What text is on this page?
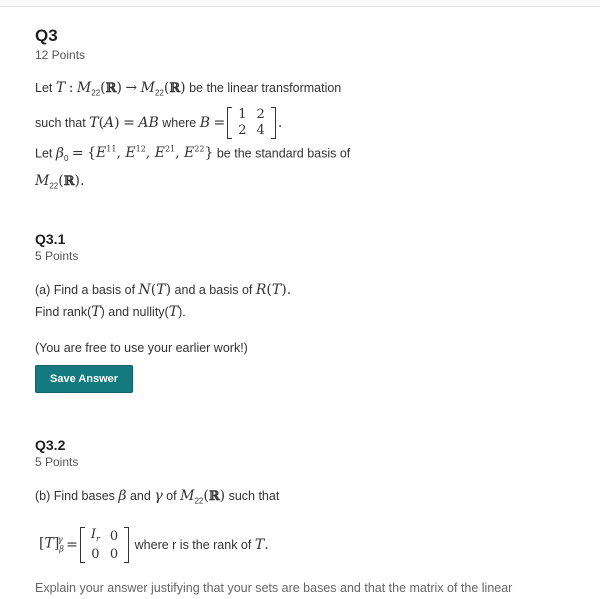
Q3
12 Points
Let T : $M_{22}(ℝ)$ → $M_{22}(ℝ)$ be the linear transformation
such that
T ( A )
=
AB
where
B
=
1	2
2	4 .
Let $\beta_0 = \{E^{11}$, $E^{12}$, $E^{21}$, $E^{22}$} be the standard basis of
$M_{22}(ℝ)$.
Q3.1
5 Points
(a) Find a basis of N(T) and a basis of R(T).
Find rank(T) and nullity(T).
(You are free to use your earlier work!)
Save Answer
Q3.2
5 Points
(b) Find bases β and γ of $M_{22}(ℝ)$ such that
$[T]_\beta^\gamma$
=
$I_r$	0
0	0

where r is the rank of
T .
Explain your answer justifying that your sets are bases and that the matrix of the linear
